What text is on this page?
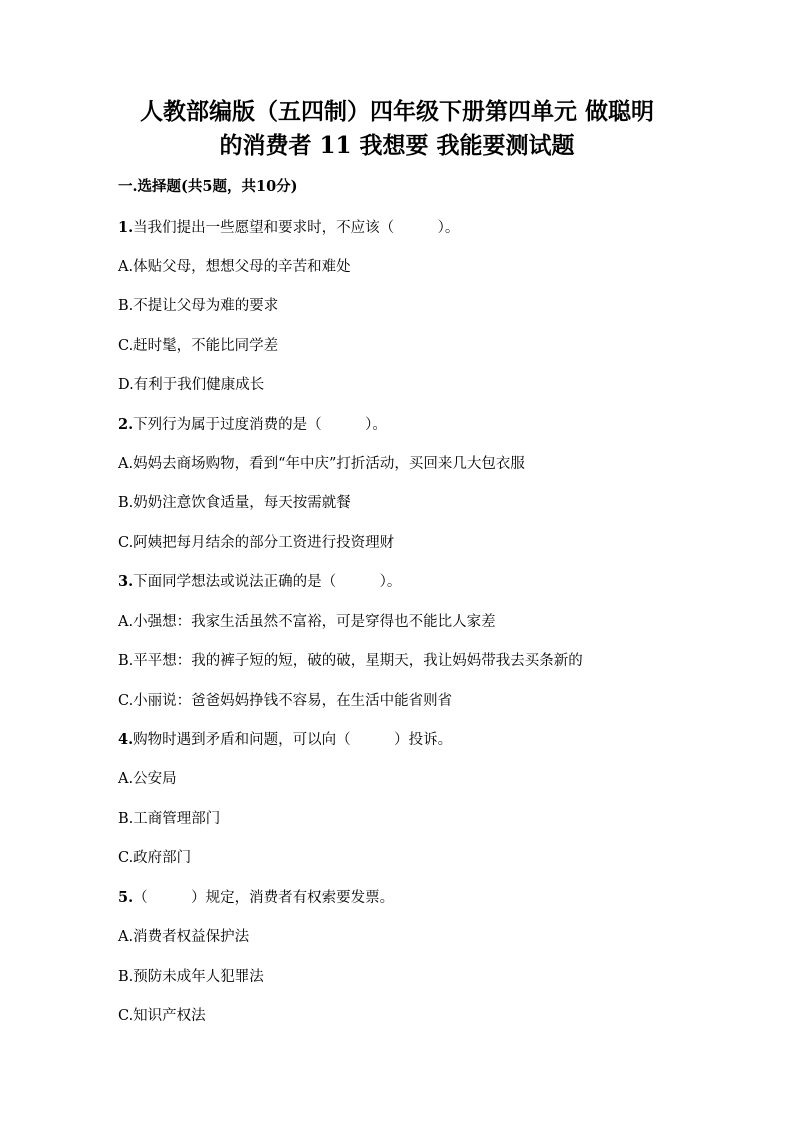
人教部编版（五四制）四年级下册第四单元 做聪明
的消费者 11 我想要 我能要测试题
一.选择题(共5题，共10分)
1.当我们提出一些愿望和要求时，不应该（　　　）。
A.体贴父母，想想父母的辛苦和难处
B.不提让父母为难的要求
C.赶时髦，不能比同学差
D.有利于我们健康成长
2.下列行为属于过度消费的是（　　　）。
A.妈妈去商场购物，看到“年中庆”打折活动，买回来几大包衣服
B.奶奶注意饮食适量，每天按需就餐
C.阿姨把每月结余的部分工资进行投资理财
3.下面同学想法或说法正确的是（　　　）。
A.小强想：我家生活虽然不富裕，可是穿得也不能比人家差
B.平平想：我的裤子短的短，破的破，星期天，我让妈妈带我去买条新的
C.小丽说：爸爸妈妈挣钱不容易，在生活中能省则省
4.购物时遇到矛盾和问题，可以向（　　　）投诉。
A.公安局
B.工商管理部门
C.政府部门
5.（　　　）规定，消费者有权索要发票。
A.消费者权益保护法
B.预防未成年人犯罪法
C.知识产权法
